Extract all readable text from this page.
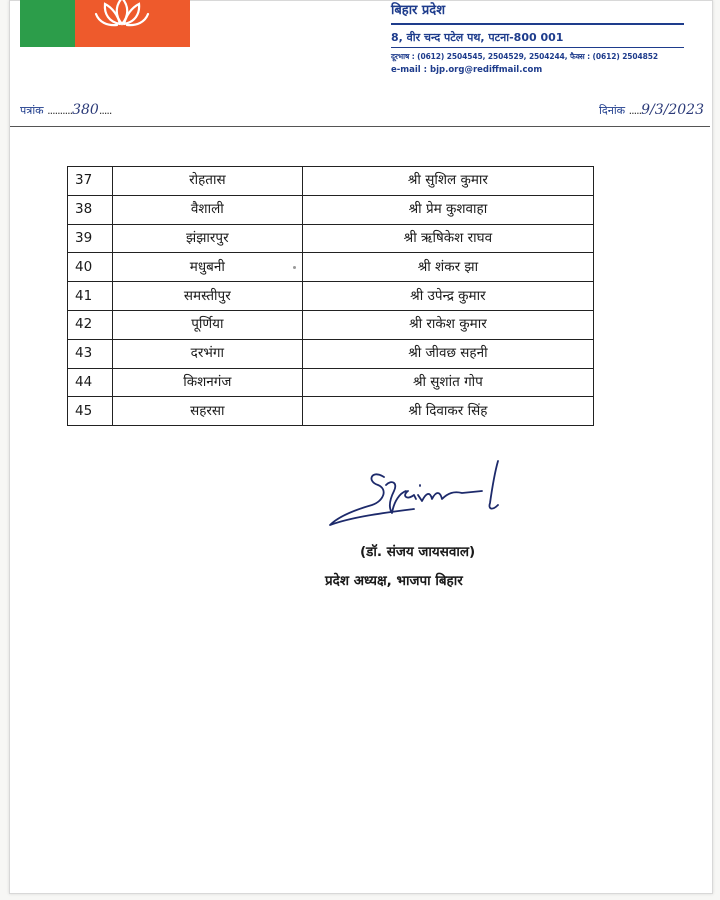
बिहार प्रदेश
8, वीर चन्द पटेल पथ, पटना-800 001
दूरभाष : (0612) 2504545, 2504529, 2504244, फैक्स : (0612) 2504852
e-mail : bjp.org@rediffmail.com
पत्रांक ..........380.....	दिनांक .....9/3/2023
37	रोहतास	श्री सुशिल कुमार
38	वैशाली	श्री प्रेम कुशवाहा
39	झंझारपुर	श्री ऋषिकेश राघव
40	मधुबनी	श्री शंकर झा
41	समस्तीपुर	श्री उपेन्द्र कुमार
42	पूर्णिया	श्री राकेश कुमार
43	दरभंगा	श्री जीवछ सहनी
44	किशनगंज	श्री सुशांत गोप
45	सहरसा	श्री दिवाकर सिंह
(डॉ. संजय जायसवाल)
प्रदेश अध्यक्ष, भाजपा बिहार
